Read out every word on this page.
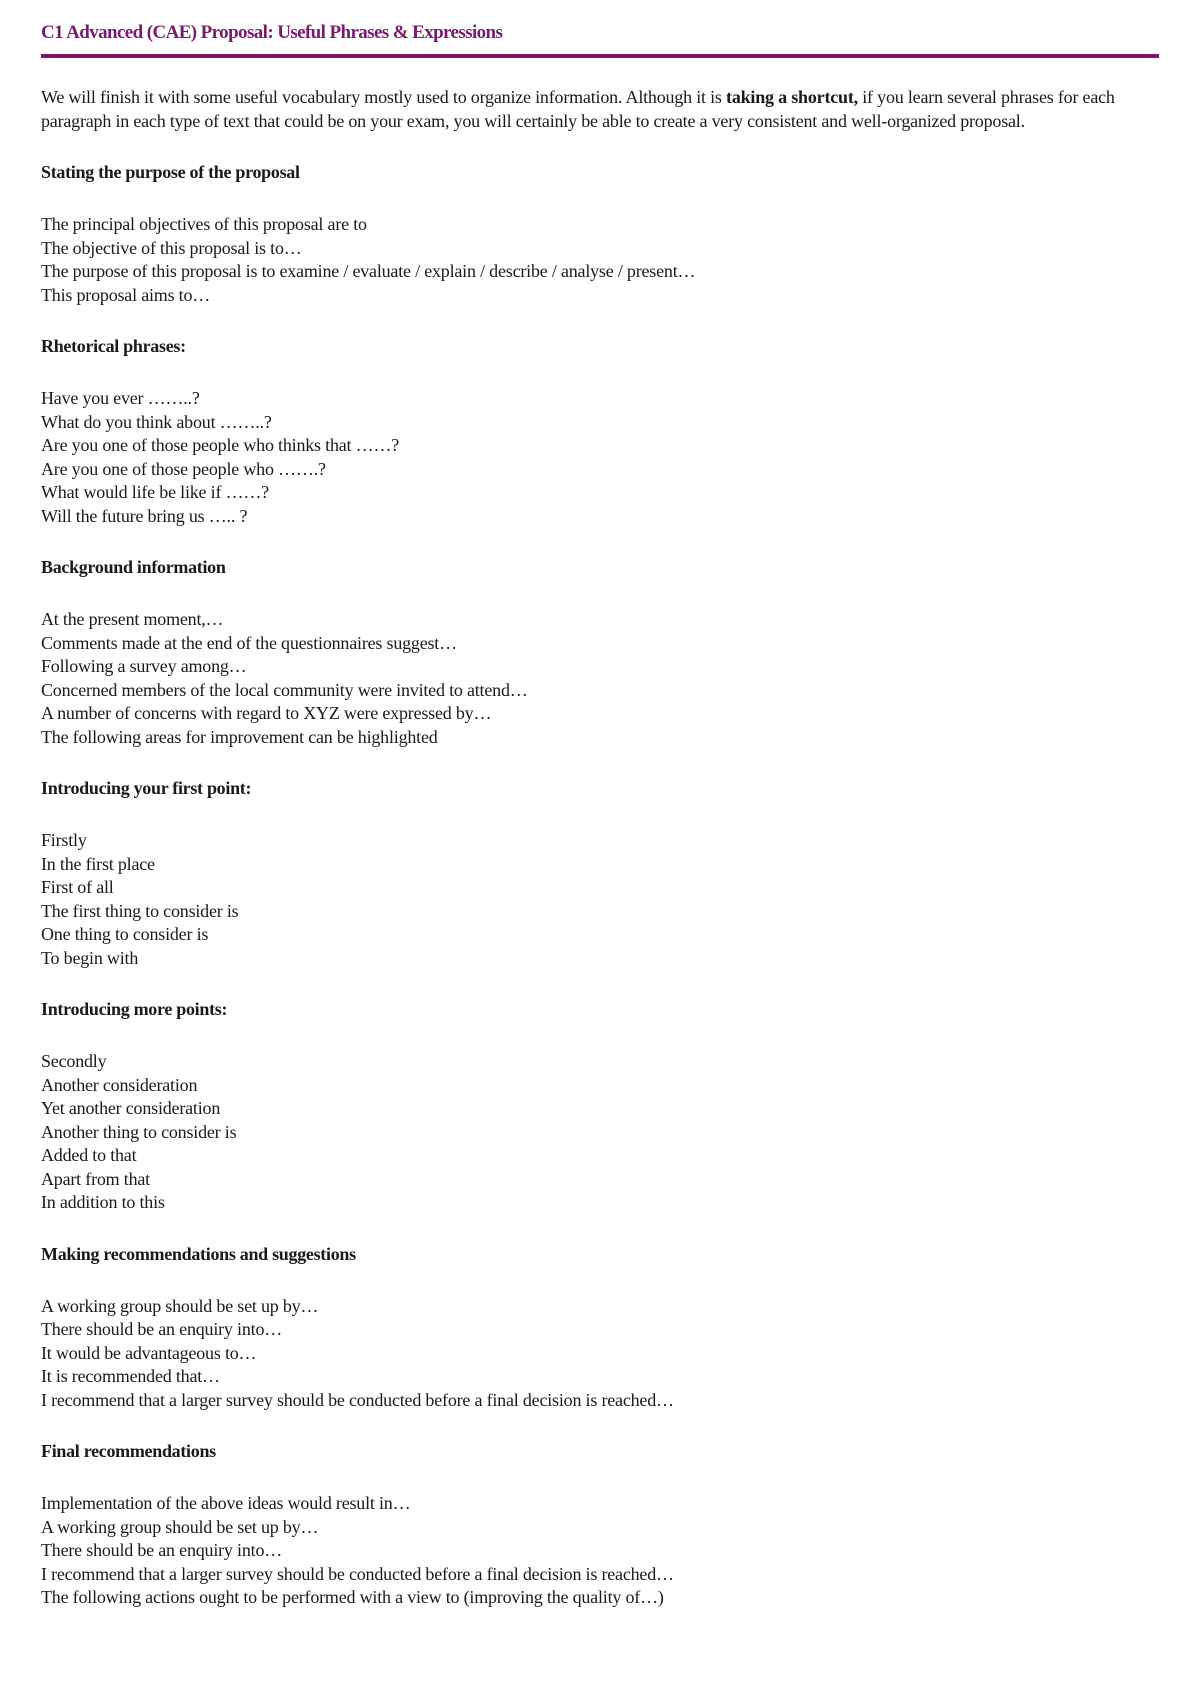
C1 Advanced (CAE) Proposal: Useful Phrases & Expressions

We will finish it with some useful vocabulary mostly used to organize information. Although it is taking a shortcut, if you learn several phrases for each paragraph in each type of text that could be on your exam, you will certainly be able to create a very consistent and well-organized proposal.

Stating the purpose of the proposal
The principal objectives of this proposal are to
The objective of this proposal is to…
The purpose of this proposal is to examine / evaluate / explain / describe / analyse / present…
This proposal aims to…
Rhetorical phrases:
Have you ever ……..?
What do you think about ……..?
Are you one of those people who thinks that ……?
Are you one of those people who …….?
What would life be like if ……?
Will the future bring us ….. ?
Background information
At the present moment,…
Comments made at the end of the questionnaires suggest…
Following a survey among…
Concerned members of the local community were invited to attend…
A number of concerns with regard to XYZ were expressed by…
The following areas for improvement can be highlighted
Introducing your first point:
Firstly
In the first place
First of all
The first thing to consider is
One thing to consider is
To begin with
Introducing more points:
Secondly
Another consideration
Yet another consideration
Another thing to consider is
Added to that
Apart from that
In addition to this
Making recommendations and suggestions
A working group should be set up by…
There should be an enquiry into…
It would be advantageous to…
It is recommended that…
I recommend that a larger survey should be conducted before a final decision is reached…
Final recommendations
Implementation of the above ideas would result in…
A working group should be set up by…
There should be an enquiry into…
I recommend that a larger survey should be conducted before a final decision is reached…
The following actions ought to be performed with a view to (improving the quality of…)
